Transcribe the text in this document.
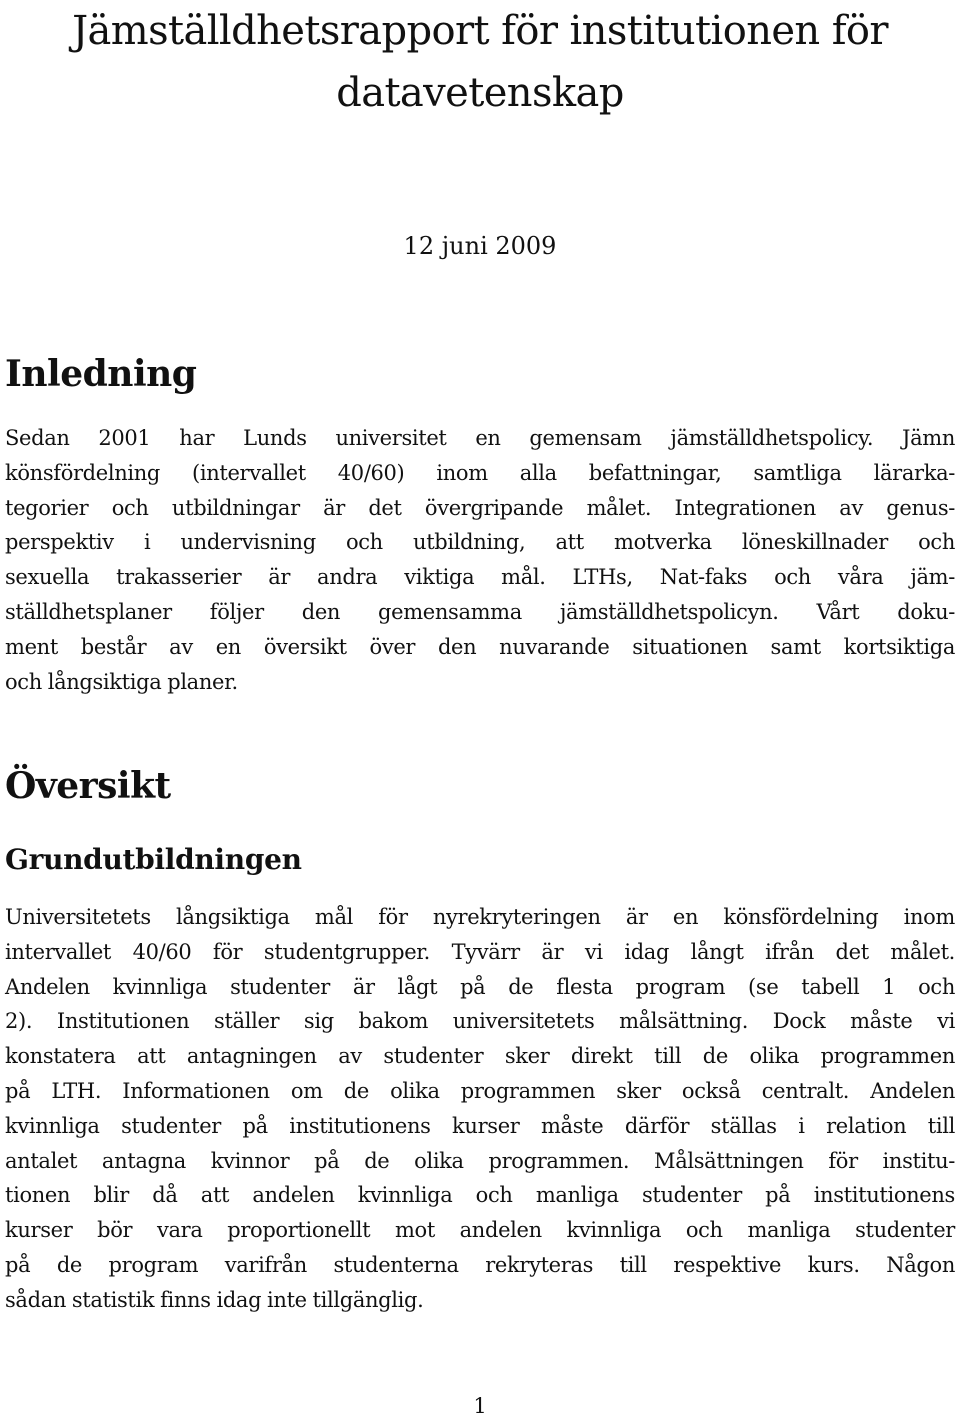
Jämställdhetsrapport för institutionen för
datavetenskap
12 juni 2009
Inledning
Sedan 2001 har Lunds universitet en gemensam jämställdhetspolicy. Jämn
könsfördelning (intervallet 40/60) inom alla befattningar, samtliga lärarka-
tegorier och utbildningar är det övergripande målet. Integrationen av genus-
perspektiv i undervisning och utbildning, att motverka löneskillnader och
sexuella trakasserier är andra viktiga mål. LTHs, Nat-faks och våra jäm-
ställdhetsplaner följer den gemensamma jämställdhetspolicyn. Vårt doku-
ment består av en översikt över den nuvarande situationen samt kortsiktiga
och långsiktiga planer.
Översikt
Grundutbildningen
Universitetets långsiktiga mål för nyrekryteringen är en könsfördelning inom
intervallet 40/60 för studentgrupper. Tyvärr är vi idag långt ifrån det målet.
Andelen kvinnliga studenter är lågt på de flesta program (se tabell 1 och
2). Institutionen ställer sig bakom universitetets målsättning. Dock måste vi
konstatera att antagningen av studenter sker direkt till de olika programmen
på LTH. Informationen om de olika programmen sker också centralt. Andelen
kvinnliga studenter på institutionens kurser måste därför ställas i relation till
antalet antagna kvinnor på de olika programmen. Målsättningen för institu-
tionen blir då att andelen kvinnliga och manliga studenter på institutionens
kurser bör vara proportionellt mot andelen kvinnliga och manliga studenter
på de program varifrån studenterna rekryteras till respektive kurs. Någon
sådan statistik finns idag inte tillgänglig.
1
